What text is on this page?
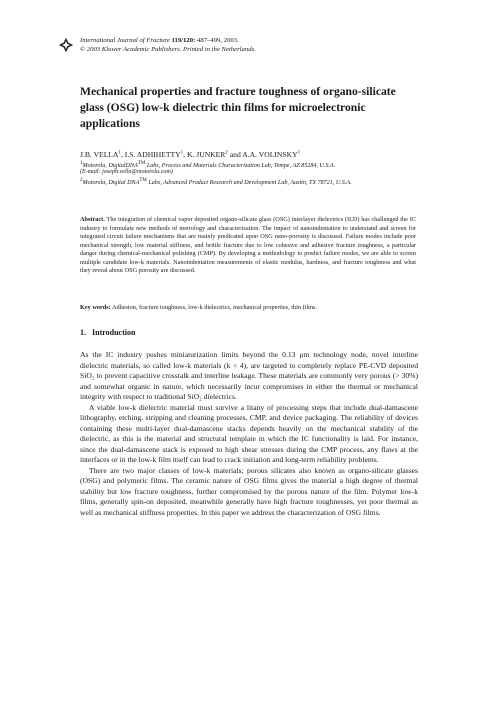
International Journal of Fracture 119/120: 487–499, 2003.
© 2003 Kluwer Academic Publishers. Printed in the Netherlands.
Mechanical properties and fracture toughness of organo-silicate glass (OSG) low-k dielectric thin films for microelectronic applications
J.B. VELLA$^1$, I.S. ADHIHETTY$^1$, K. JUNKER$^2$ and A.A. VOLINSKY$^1$
$^1$Motorola, DigitalDNA™ Labs, Process and Materials Characterization Lab, Tempe, AZ 85284, U.S.A.
(E-mail: joseph.vella@motorola.com)
$^2$Motorola, Digital DNA™ Labs, Advanced Product Research and Development Lab, Austin, TX 78721, U.S.A.

Abstract. The integration of chemical vapor deposited organo-silicate glass (OSG) interlayer dielectrics (ILD) has challenged the IC industry to formulate new methods of metrology and characterization. The impact of nanoindentation to understand and screen for integrated circuit failure mechanisms that are mainly predicated upon OSG nano-porosity is discussed. Failure modes include poor mechanical strength, low material stiffness, and brittle fracture due to low cohesive and adhesive fracture toughness, a particular danger during chemical-mechanical polishing (CMP). By developing a methodology to predict failure modes, we are able to screen multiple candidate low-k materials. Nanoindentation measurements of elastic modulus, hardness, and fracture toughness and what they reveal about OSG porosity are discussed.

Key words: Adhesion, fracture toughness, low-k dielectrics, mechanical properties, thin films.

1. Introduction

As the IC industry pushes miniaturization limits beyond the 0.13 μm technology node, novel interline dielectric materials, so called low-k materials (k < 4), are targeted to completely replace PE-CVD deposited SiO₂ to prevent capacitive crosstalk and interline leakage. These materials are commonly very porous (> 30%) and somewhat organic in nature, which necessarily incur compromises in either the thermal or mechanical integrity with respect to traditional SiO₂ dielectrics.

A viable low-k dielectric material must survive a litany of processing steps that include dual-damascene lithography, etching, stripping and cleaning processes, CMP, and device packaging. The reliability of devices containing these multi-layer dual-damascene stacks depends heavily on the mechanical stability of the dielectric, as this is the material and structural template in which the IC functionality is laid. For instance, since the dual-damascene stack is exposed to high shear stresses during the CMP process, any flaws at the interfaces or in the low-k film itself can lead to crack initiation and long-term reliability problems.

There are two major classes of low-k materials; porous silicates also known as organo-silicate glasses (OSG) and polymeric films. The ceramic nature of OSG films gives the material a high degree of thermal stability but low fracture toughness, further compromised by the porous nature of the film. Polymer low-k films, generally spin-on deposited, meanwhile generally have high fracture toughnesses, yet poor thermal as well as mechanical stiffness properties. In this paper we address the characterization of OSG films.
